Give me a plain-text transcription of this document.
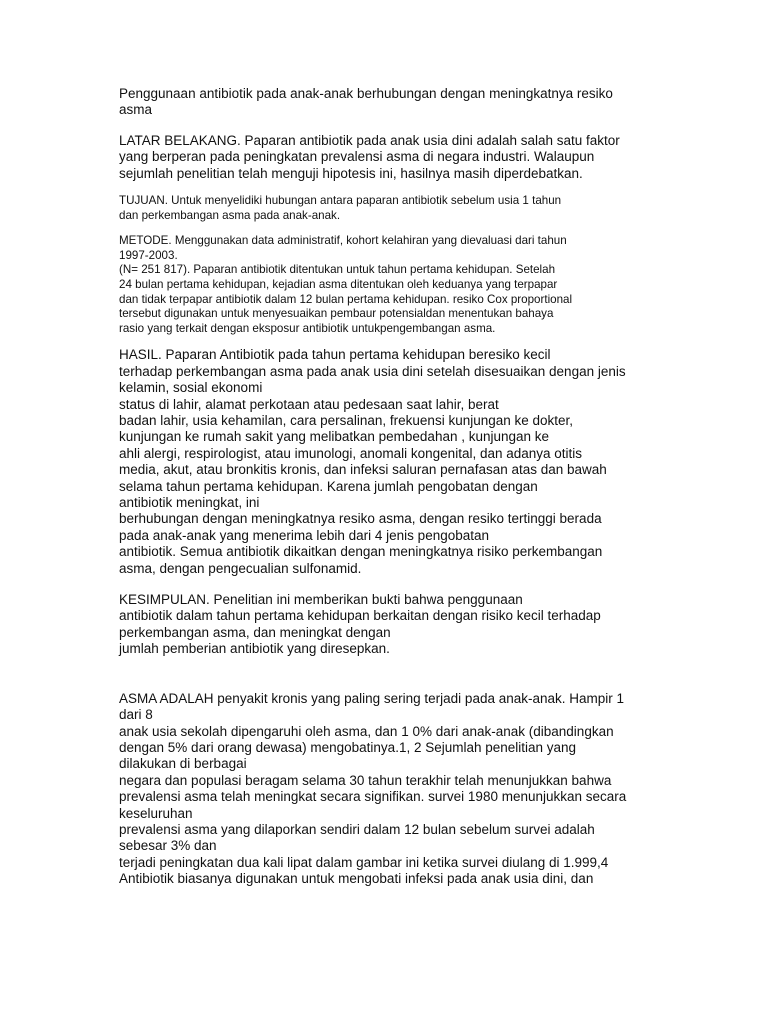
Penggunaan antibiotik pada anak-anak berhubungan dengan meningkatnya resiko
asma

LATAR BELAKANG. Paparan antibiotik pada anak usia dini adalah salah satu faktor
yang berperan pada peningkatan prevalensi asma di negara industri. Walaupun
sejumlah penelitian telah menguji hipotesis ini, hasilnya masih diperdebatkan.

TUJUAN. Untuk menyelidiki hubungan antara paparan antibiotik sebelum usia 1 tahun
dan perkembangan asma pada anak-anak.

METODE. Menggunakan data administratif, kohort kelahiran yang dievaluasi dari tahun
1997-2003.
(N= 251 817). Paparan antibiotik ditentukan untuk tahun pertama kehidupan. Setelah
24 bulan pertama kehidupan, kejadian asma ditentukan oleh keduanya yang terpapar
dan tidak terpapar antibiotik dalam 12 bulan pertama kehidupan. resiko Cox proportional
tersebut digunakan untuk menyesuaikan pembaur potensialdan menentukan bahaya
rasio yang terkait dengan eksposur antibiotik untukpengembangan asma.

HASIL. Paparan Antibiotik pada tahun pertama kehidupan beresiko kecil
terhadap perkembangan asma pada anak usia dini setelah disesuaikan dengan jenis
kelamin, sosial ekonomi
status di lahir, alamat perkotaan atau pedesaan saat lahir, berat
badan lahir, usia kehamilan, cara persalinan, frekuensi kunjungan ke dokter,
kunjungan ke rumah sakit yang melibatkan pembedahan , kunjungan ke
ahli alergi, respirologist, atau imunologi, anomali kongenital, dan adanya otitis
media, akut, atau bronkitis kronis, dan infeksi saluran pernafasan atas dan bawah
selama tahun pertama kehidupan. Karena jumlah pengobatan dengan
antibiotik meningkat, ini
berhubungan dengan meningkatnya resiko asma, dengan resiko tertinggi berada
pada anak-anak yang menerima lebih dari 4 jenis pengobatan
antibiotik. Semua antibiotik dikaitkan dengan meningkatnya risiko perkembangan
asma, dengan pengecualian sulfonamid.

KESIMPULAN. Penelitian ini memberikan bukti bahwa penggunaan
antibiotik dalam tahun pertama kehidupan berkaitan dengan risiko kecil terhadap
perkembangan asma, dan meningkat dengan
jumlah pemberian antibiotik yang diresepkan.

ASMA ADALAH penyakit kronis yang paling sering terjadi pada anak-anak. Hampir 1
dari 8
anak usia sekolah dipengaruhi oleh asma, dan 1 0% dari anak-anak (dibandingkan
dengan 5% dari orang dewasa) mengobatinya.1, 2 Sejumlah penelitian yang
dilakukan di berbagai
negara dan populasi beragam selama 30 tahun terakhir telah menunjukkan bahwa
prevalensi asma telah meningkat secara signifikan. survei 1980 menunjukkan secara
keseluruhan
prevalensi asma yang dilaporkan sendiri dalam 12 bulan sebelum survei adalah
sebesar 3% dan
terjadi peningkatan dua kali lipat dalam gambar ini ketika survei diulang di 1.999,4
Antibiotik biasanya digunakan untuk mengobati infeksi pada anak usia dini, dan
